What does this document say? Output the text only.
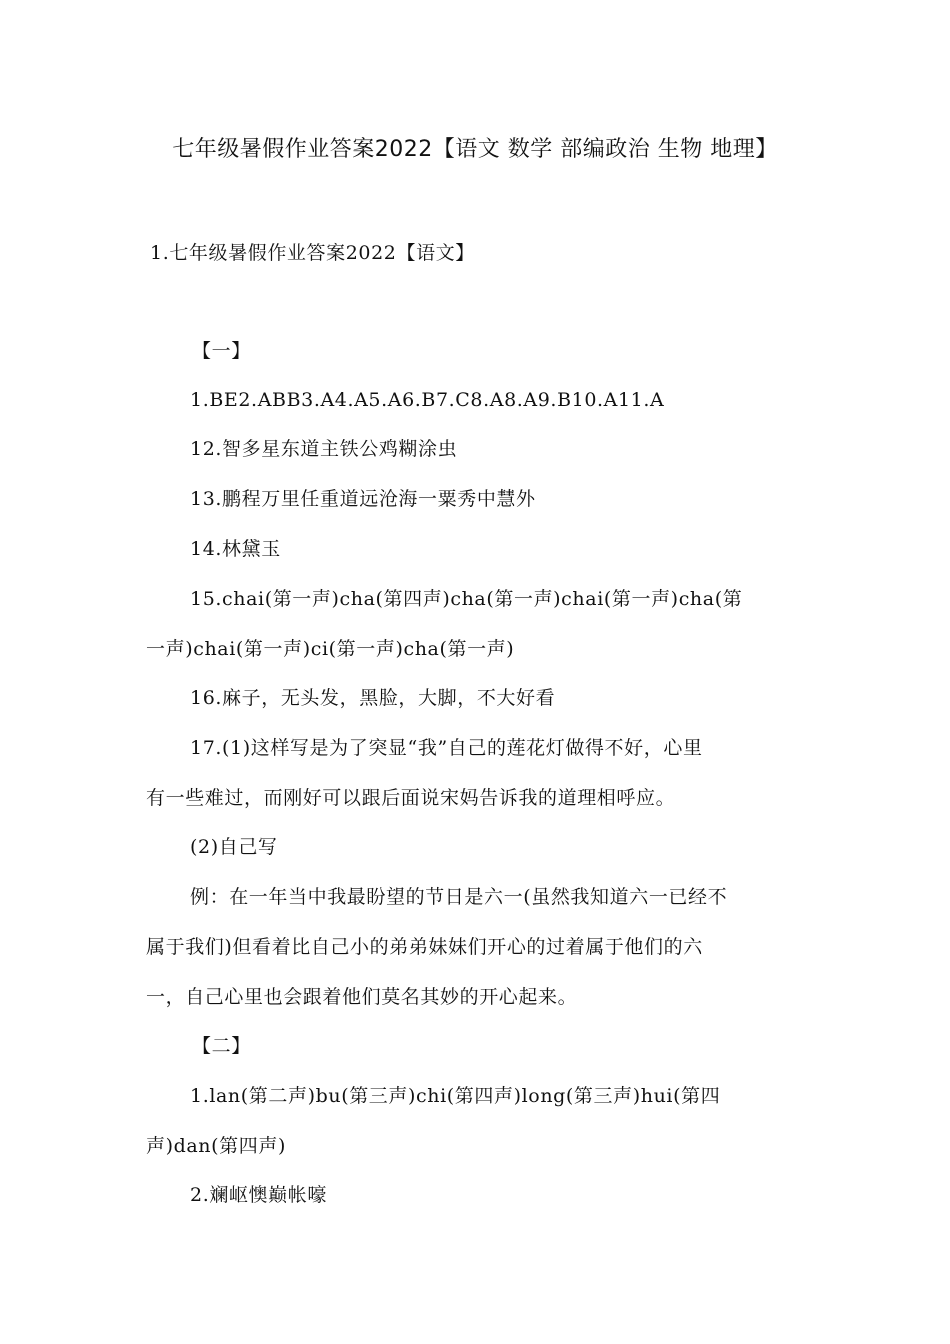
七年级暑假作业答案2022【语文 数学 部编政治 生物 地理】
1.七年级暑假作业答案2022【语文】
【一】
1.BE2.ABB3.A4.A5.A6.B7.C8.A8.A9.B10.A11.A
12.智多星东道主铁公鸡糊涂虫
13.鹏程万里任重道远沧海一粟秀中慧外
14.林黛玉
15.chai(第一声)cha(第四声)cha(第一声)chai(第一声)cha(第
一声)chai(第一声)ci(第一声)cha(第一声)
16.麻子，无头发，黑脸，大脚，不大好看
17.(1)这样写是为了突显“我”自己的莲花灯做得不好，心里
有一些难过，而刚好可以跟后面说宋妈告诉我的道理相呼应。
(2)自己写
例：在一年当中我最盼望的节日是六一(虽然我知道六一已经不
属于我们)但看着比自己小的弟弟妹妹们开心的过着属于他们的六
一，自己心里也会跟着他们莫名其妙的开心起来。
【二】
1.lan(第二声)bu(第三声)chi(第四声)long(第三声)hui(第四
声)dan(第四声)
2.斓岖懊巅帐嚎
